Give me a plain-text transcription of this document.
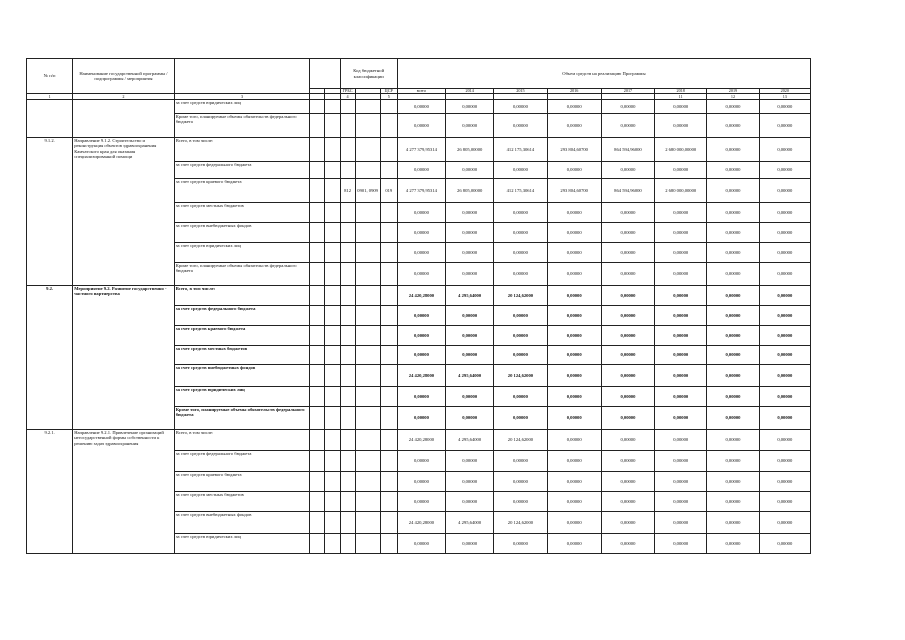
№ п/п	Наименование государственной программы / подпрограммы / мероприятия				Код бюджетной классификации			Объем средств на реализацию Программы							
					ГРБС		ЦСР	всего	2014	2015	2016	2017	2018	2019	2020
1	2	3			4		5						11	12	13
		за счет средств юридических лиц						0,00000	0,00000	0,00000	0,00000	0,00000	0,00000	0,00000	0,00000
		Кроме того, планируемые объемы обязательств федерального бюджета						0,00000	0,00000	0,00000	0,00000	0,00000	0,00000	0,00000	0,00000
9.1.2.	Направление 9.1.2. Строительство и реконструкция объектов здравоохранения Камчатского края для оказания специализированной помощи	Всего, в том числе:						4 277 379,95314	26 805,00000	412 175,30614	293 804,60700	864 594,96000	2 680 000,00000	0,00000	0,00000
		за счет средств федерального бюджета						0,00000	0,00000	0,00000	0,00000	0,00000	0,00000	0,00000	0,00000
		за счет средств краевого бюджета			812	0901, 0909	019	4 277 379,95314	26 805,00000	412 175,30614	293 804,60700	864 594,96000	2 680 000,00000	0,00000	0,00000
		за счет средств местных бюджетов						0,00000	0,00000	0,00000	0,00000	0,00000	0,00000	0,00000	0,00000
		за счет средств внебюджетных фондов						0,00000	0,00000	0,00000	0,00000	0,00000	0,00000	0,00000	0,00000
		за счет средств юридических лиц						0,00000	0,00000	0,00000	0,00000	0,00000	0,00000	0,00000	0,00000
		Кроме того, планируемые объемы обязательств федерального бюджета						0,00000	0,00000	0,00000	0,00000	0,00000	0,00000	0,00000	0,00000
9.2.	Мероприятие 9.2. Развитие государственно - частного партнерства	Всего, в том числе:						24 420,28000	4 295,64000	20 124,62000	0,00000	0,00000	0,00000	0,00000	0,00000
		за счет средств федерального бюджета						0,00000	0,00000	0,00000	0,00000	0,00000	0,00000	0,00000	0,00000
		за счет средств краевого бюджета						0,00000	0,00000	0,00000	0,00000	0,00000	0,00000	0,00000	0,00000
		за счет средств местных бюджетов						0,00000	0,00000	0,00000	0,00000	0,00000	0,00000	0,00000	0,00000
		за счет средств внебюджетных фондов						24 420,28000	4 295,64000	20 124,62000	0,00000	0,00000	0,00000	0,00000	0,00000
		за счет средств юридических лиц						0,00000	0,00000	0,00000	0,00000	0,00000	0,00000	0,00000	0,00000
		Кроме того, планируемые объемы обязательств федерального бюджета						0,00000	0,00000	0,00000	0,00000	0,00000	0,00000	0,00000	0,00000
9.2.1.	Направление 9.2.1. Привлечение организаций негосударственной формы собственности к решению задач здравоохранения	Всего, в том числе:						24 420,28000	4 295,64000	20 124,62000	0,00000	0,00000	0,00000	0,00000	0,00000
		за счет средств федерального бюджета						0,00000	0,00000	0,00000	0,00000	0,00000	0,00000	0,00000	0,00000
		за счет средств краевого бюджета						0,00000	0,00000	0,00000	0,00000	0,00000	0,00000	0,00000	0,00000
		за счет средств местных бюджетов						0,00000	0,00000	0,00000	0,00000	0,00000	0,00000	0,00000	0,00000
		за счет средств внебюджетных фондов						24 420,28000	4 295,64000	20 124,62000	0,00000	0,00000	0,00000	0,00000	0,00000
		за счет средств юридических лиц						0,00000	0,00000	0,00000	0,00000	0,00000	0,00000	0,00000	0,00000
